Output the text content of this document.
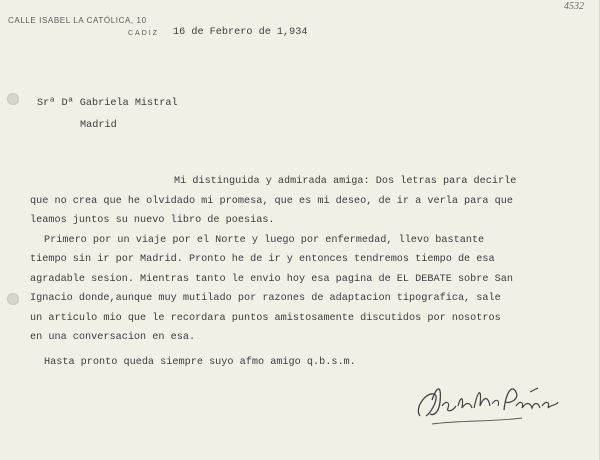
CALLE ISABEL LA CATÓLICA, 10
CADIZ
4532
16 de Febrero de 1,934
Srª Dª Gabriela Mistral
Madrid
Mi distinguida y admirada amiga: Dos letras para decirle
que no crea que he olvidado mi promesa, que es mi deseo, de ir a verla para que
leamos juntos su nuevo libro de poesias.
Primero por un viaje por el Norte y luego por enfermedad, llevo bastante
tiempo sin ir por Madrid. Pronto he de ir y entonces tendremos tiempo de esa
agradable sesion. Mientras tanto le envio hoy esa pagina de EL DEBATE sobre San
Ignacio donde,aunque muy mutilado por razones de adaptacion tipografica, sale
un articulo mio que le recordara puntos amistosamente discutidos por nosotros
en una conversacion en esa.
Hasta pronto queda siempre suyo afmo amigo q.b.s.m.
